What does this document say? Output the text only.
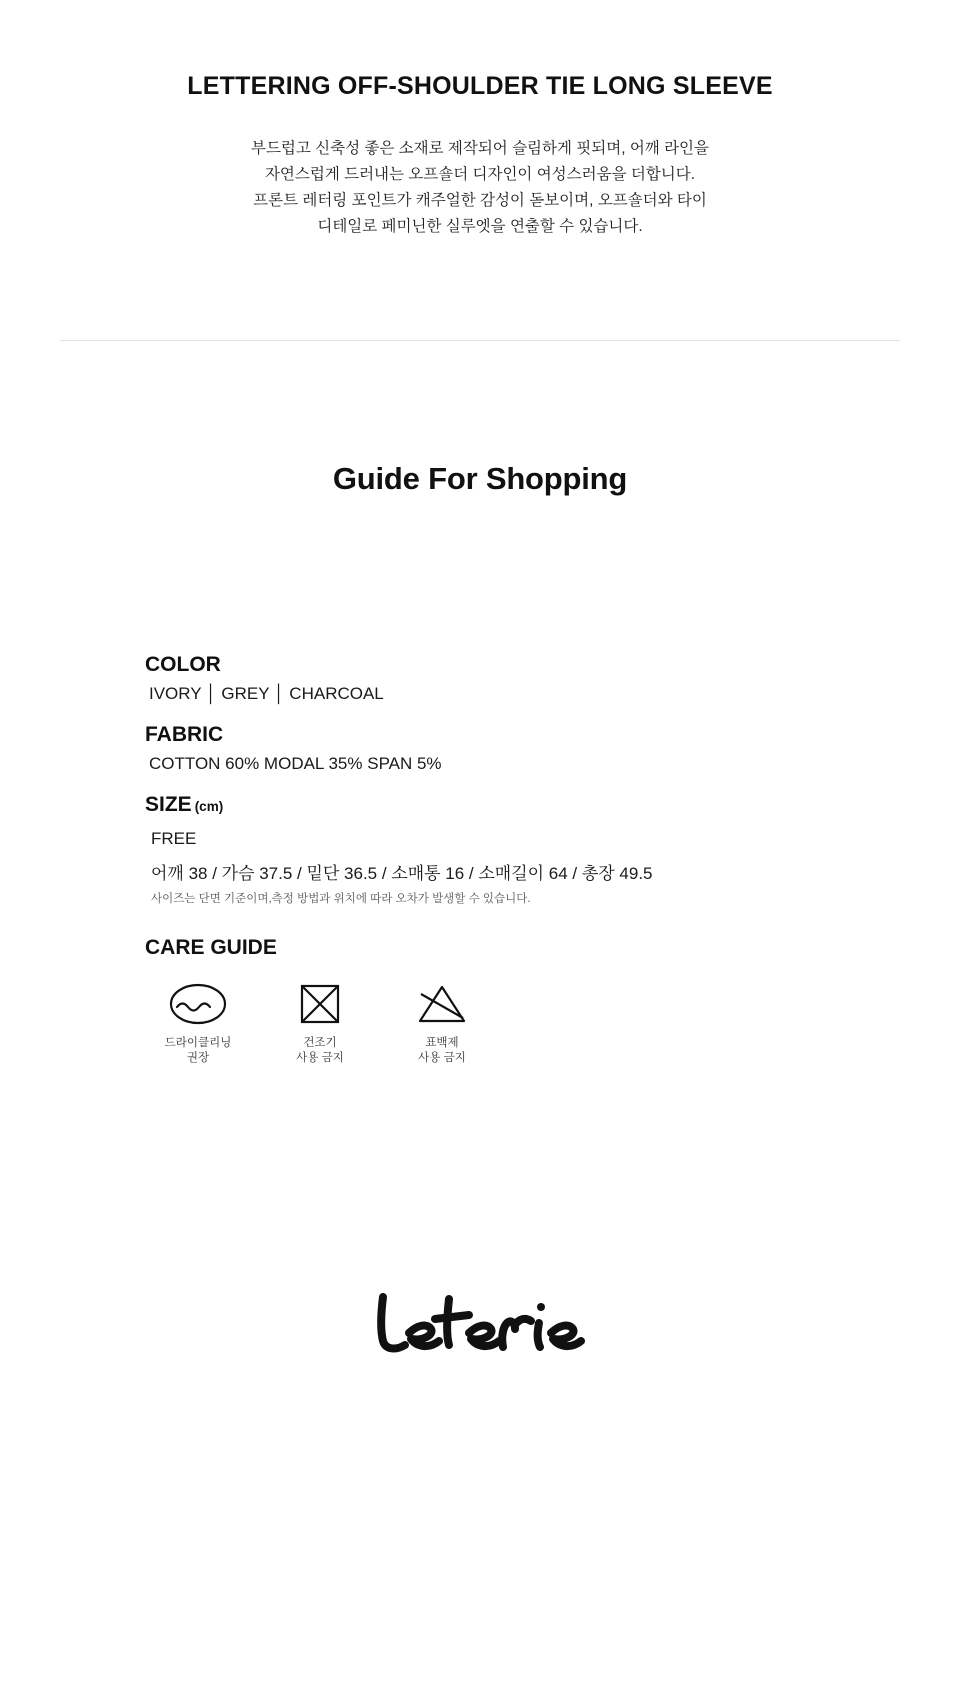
LETTERING OFF-SHOULDER TIE LONG SLEEVE

부드럽고 신축성 좋은 소재로 제작되어 슬림하게 핏되며, 어깨 라인을
자연스럽게 드러내는 오프숄더 디자인이 여성스러움을 더합니다.
프론트 레터링 포인트가 캐주얼한 감성이 돋보이며, 오프숄더와 타이
디테일로 페미닌한 실루엣을 연출할 수 있습니다.

Guide For Shopping
COLOR
IVORY │ GREY │ CHARCOAL
FABRIC
COTTON 60% MODAL 35% SPAN 5%
SIZE (cm)
FREE
어깨 38 / 가슴 37.5 / 밑단 36.5 / 소매통 16 / 소매길이 64 / 총장 49.5
사이즈는 단면 기준이며,측정 방법과 위치에 따라 오차가 발생할 수 있습니다.
CARE GUIDE
드라이클리닝
권장
건조기
사용 금지
표백제
사용 금지
